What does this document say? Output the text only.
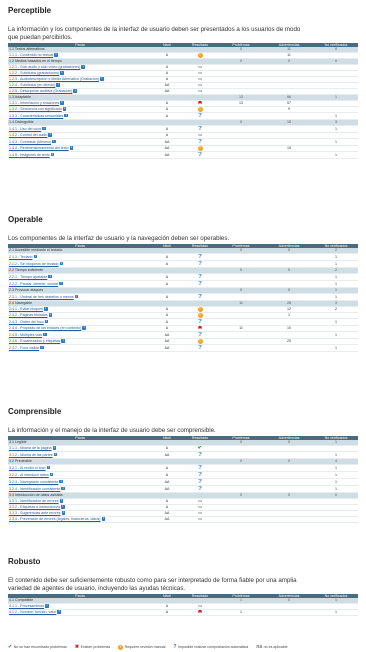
Perceptible
La información y los componentes de la interfaz de usuario deben ser presentados a los usuarios de modo
que puedan percibirlos.
Pauta	Nivel	Resultado	Problemas	Advertencias	No verificados
1.1 Textos alternativos			0	11	0
1.1.1 - Contenido no textual i	A	!		11	
1.2 Medios basados en el tiempo			0	0	0
1.2.1 - Sólo audio y sólo vídeo (grabaciones) i	A	na			
1.2.2 - Subtítulos (grabaciones) i	A	na			
1.2.3 - Audiodescripción o Medio Alternativo (Grabación) i	A	na			
1.2.4 - Subtítulos (en directo) i	AA	na			
1.2.5 - Descripción auditiva (Grabación) i	AA	na			
1.3 Adaptable			13	66	1
1.3.1 - Información y relaciones i	A	✖	13	57	
1.3.2 - Secuencia con significado i	A	!		9	
1.3.3 - Características sensoriales i	A	?			1
1.4 Distinguible			0	15	3
1.4.1 - Uso del color i	A	?			1
1.4.2 - Control del audio i	A	na			
1.4.3 - Contraste (Mínimo) i	AA	?			1
1.4.4 - Redimensionamiento del texto i	AA	!		15	
1.4.5 - Imágenes de texto i	AA	?			1
Operable
Los componentes de la interfaz de usuario y la navegación deben ser operables.
Pauta	Nivel	Resultado	Problemas	Advertencias	No verificados
2.1 Accesible mediante el teclado			0	0	2
2.1.1 - Teclado i	A	?			1
2.1.2 - Sin bloqueos de teclado i	A	?			1
2.2 Tiempo suficiente			0	0	2
2.2.1 - Tiempo ajustable i	A	?			1
2.2.2 - Pausar, detener, ocultar i	A	?			1
2.3 Provocar ataques			0	0	1
2.3.1 - Umbral de tres destellos o menos i	A	?			1
2.4 Navegable			11	28	3
2.4.1 - Evitar bloques i	A	!		12	2
2.4.2 - Páginas titulados i	A	!		1	
2.4.3 - Orden del foco i	A	?			1
2.4.4 - Propósito de los enlaces (en contexto) i	A	✖	11	10	
2.4.5 - Múltiples vías i	AA	?			1
2.4.6 - Encabezados y etiquetas i	AA	!		25	
2.4.7 - Foco visible i	AA	?			1
Comprensible
La información y el manejo de la interfaz de usuario debe ser comprensible.
Pauta	Nivel	Resultado	Problemas	Advertencias	No verificados
3.1 Legible			0	0	1
3.1.1 - Idioma de la página i	A	✔			
3.1.2 - Idioma de las partes i	AA	?			1
3.2 Predecible			0	0	4
3.2.1 - Al recibir el foco i	A	?			1
3.2.2 - Al introducir datos i	A	?			1
3.2.3 - Navegación consistente i	AA	?			1
3.2.4 - Identificación consistente i	AA	?			1
3.3 Introducción de datos asistida			0	0	0
3.3.1 - Identificación de errores i	A	na			
3.3.2 - Etiquetas o instrucciones i	A	na			
3.3.3 - Sugerencias ante errores i	AA	na			
3.3.4 - Prevención de errores (legales, financieros, datos) i	AA	na			
Robusto
El contenido debe ser suficientemente robusto como para ser interpretado de forma fiable por una amplia
variedad de agentes de usuario, incluyendo las ayudas técnicas.
Pauta	Nivel	Resultado	Problemas	Advertencias	No verificados
4.1 Compatible			1	0	1
4.1.1 - Procesamiento i	A	na			
4.1.2 - Nombre, función, valor i	A	✖	1		1
✔ No se han encontrado problemas ✖ Existen problemas	! Requiere revisión manual ? Imposible realizar comprobación automática na no es aplicable
